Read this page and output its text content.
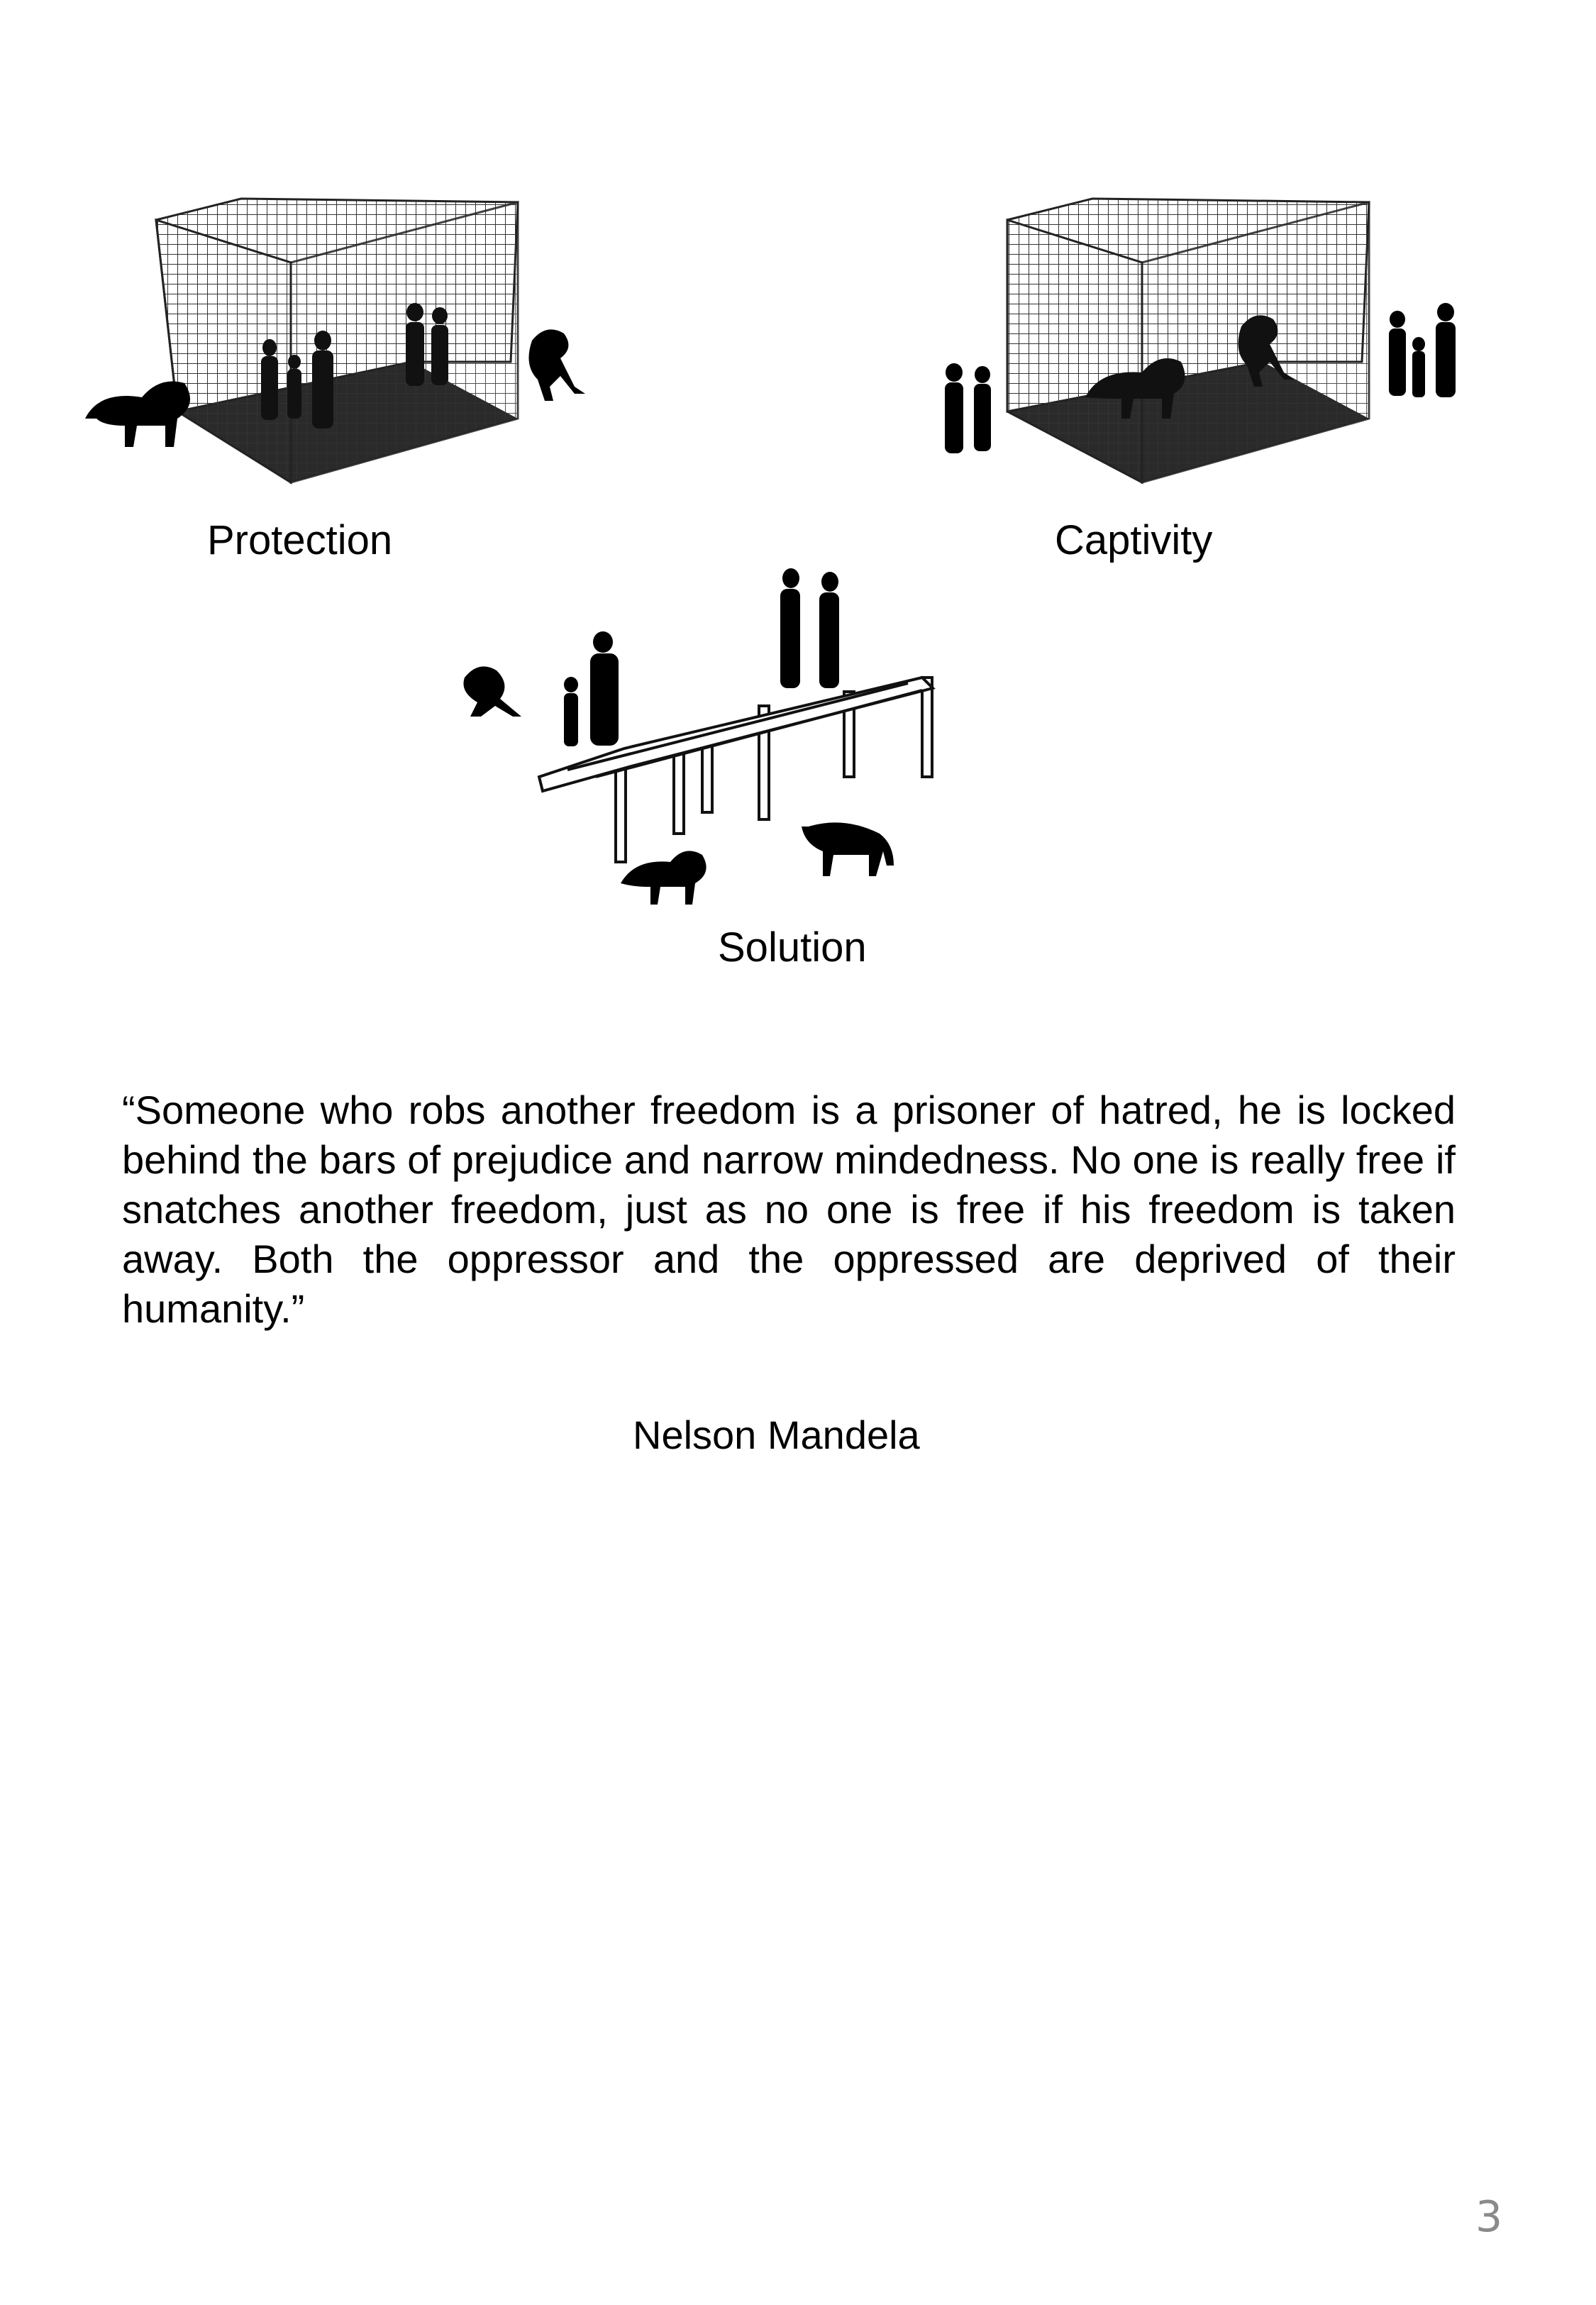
Protection	Captivity
Solution
“Someone who robs another freedom is a prisoner of hatred, he is locked behind the bars of prejudice and narrow mindedness. No one is really free if snatches another freedom, just as no one is free if his freedom is taken away. Both the oppressor and the oppressed are deprived of their humanity.”
Nelson Mandela
3
